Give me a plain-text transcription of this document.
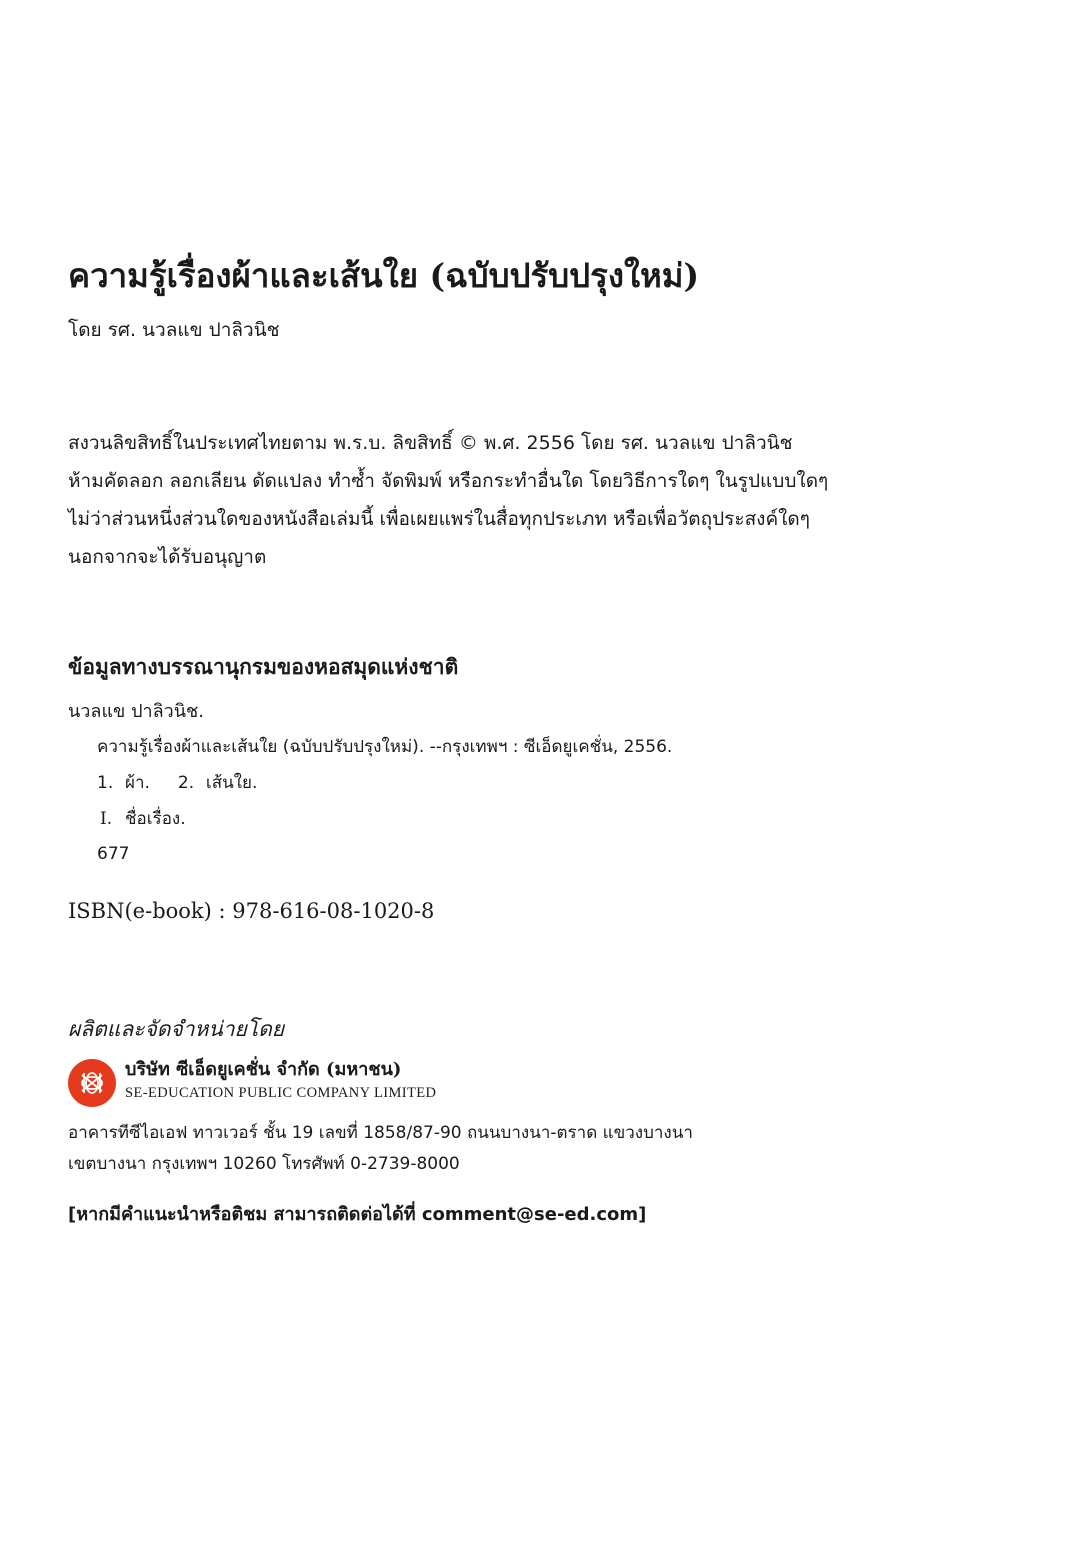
ความรู้เรื่องผ้าและเส้นใย (ฉบับปรับปรุงใหม่)
โดย รศ. นวลแข ปาลิวนิช
สงวนลิขสิทธิ์ในประเทศไทยตาม พ.ร.บ. ลิขสิทธิ์ © พ.ศ. 2556 โดย รศ. นวลแข ปาลิวนิช
ห้ามคัดลอก ลอกเลียน ดัดแปลง ทำซ้ำ จัดพิมพ์ หรือกระทำอื่นใด โดยวิธีการใดๆ ในรูปแบบใดๆ
ไม่ว่าส่วนหนึ่งส่วนใดของหนังสือเล่มนี้ เพื่อเผยแพร่ในสื่อทุกประเภท หรือเพื่อวัตถุประสงค์ใดๆ
นอกจากจะได้รับอนุญาต
ข้อมูลทางบรรณานุกรมของหอสมุดแห่งชาติ
นวลแข ปาลิวนิช.
ความรู้เรื่องผ้าและเส้นใย (ฉบับปรับปรุงใหม่). --กรุงเทพฯ : ซีเอ็ดยูเคชั่น, 2556.
1. ผ้า. 2. เส้นใย.
I. ชื่อเรื่อง.
677
ISBN(e-book) : 978-616-08-1020-8
ผลิตและจัดจำหน่ายโดย
บริษัท ซีเอ็ดยูเคชั่น จำกัด (มหาชน)
SE-EDUCATION PUBLIC COMPANY LIMITED
อาคารทีซีไอเอฟ ทาวเวอร์ ชั้น 19 เลขที่ 1858/87-90 ถนนบางนา-ตราด แขวงบางนา
เขตบางนา กรุงเทพฯ 10260 โทรศัพท์ 0-2739-8000
[หากมีคำแนะนำหรือติชม สามารถติดต่อได้ที่ comment@se-ed.com]
